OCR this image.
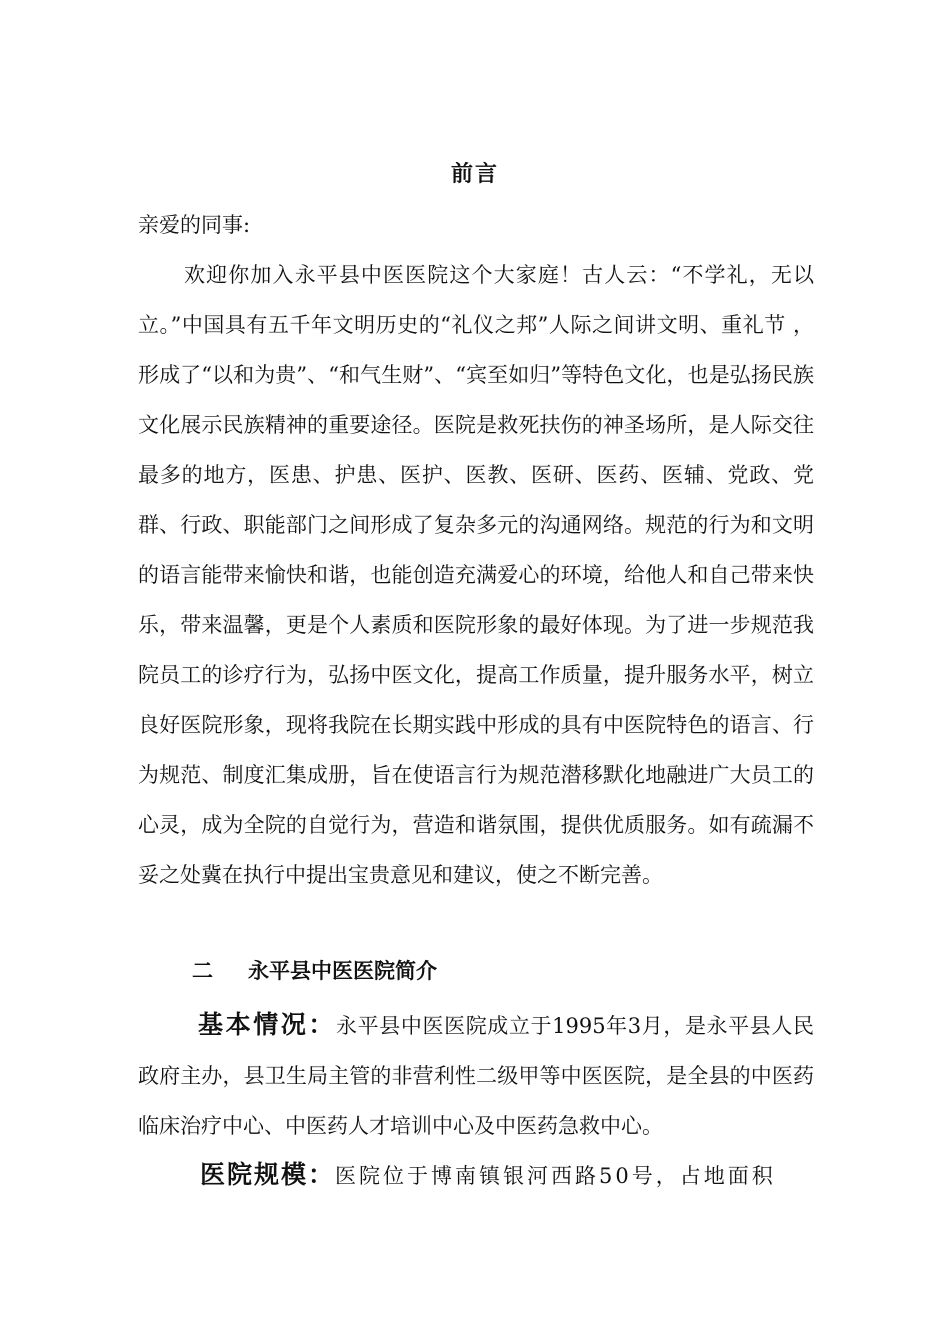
前言
亲爱的同事:

欢迎你加入永平县中医医院这个大家庭！古人云：“不学礼，无以立。”中国具有五千年文明历史的“礼仪之邦”人际之间讲文明、重礼节 ，形成了“以和为贵”、“和气生财”、“宾至如归”等特色文化，也是弘扬民族文化展示民族精神的重要途径。医院是救死扶伤的神圣场所，是人际交往最多的地方，医患、护患、医护、医教、医研、医药、医辅、党政、党群、行政、职能部门之间形成了复杂多元的沟通网络。规范的行为和文明的语言能带来愉快和谐，也能创造充满爱心的环境，给他人和自己带来快乐，带来温馨，更是个人素质和医院形象的最好体现。为了进一步规范我院员工的诊疗行为，弘扬中医文化，提高工作质量，提升服务水平，树立良好医院形象，现将我院在长期实践中形成的具有中医院特色的语言、行为规范、制度汇集成册，旨在使语言行为规范潜移默化地融进广大员工的心灵，成为全院的自觉行为，营造和谐氛围，提供优质服务。如有疏漏不妥之处冀在执行中提出宝贵意见和建议，使之不断完善。

二 永平县中医医院简介

基本情况：永平县中医医院成立于1995年3月，是永平县人民政府主办，县卫生局主管的非营利性二级甲等中医医院，是全县的中医药临床治疗中心、中医药人才培训中心及中医药急救中心。

医院规模：医院位于博南镇银河西路50号，占地面积
